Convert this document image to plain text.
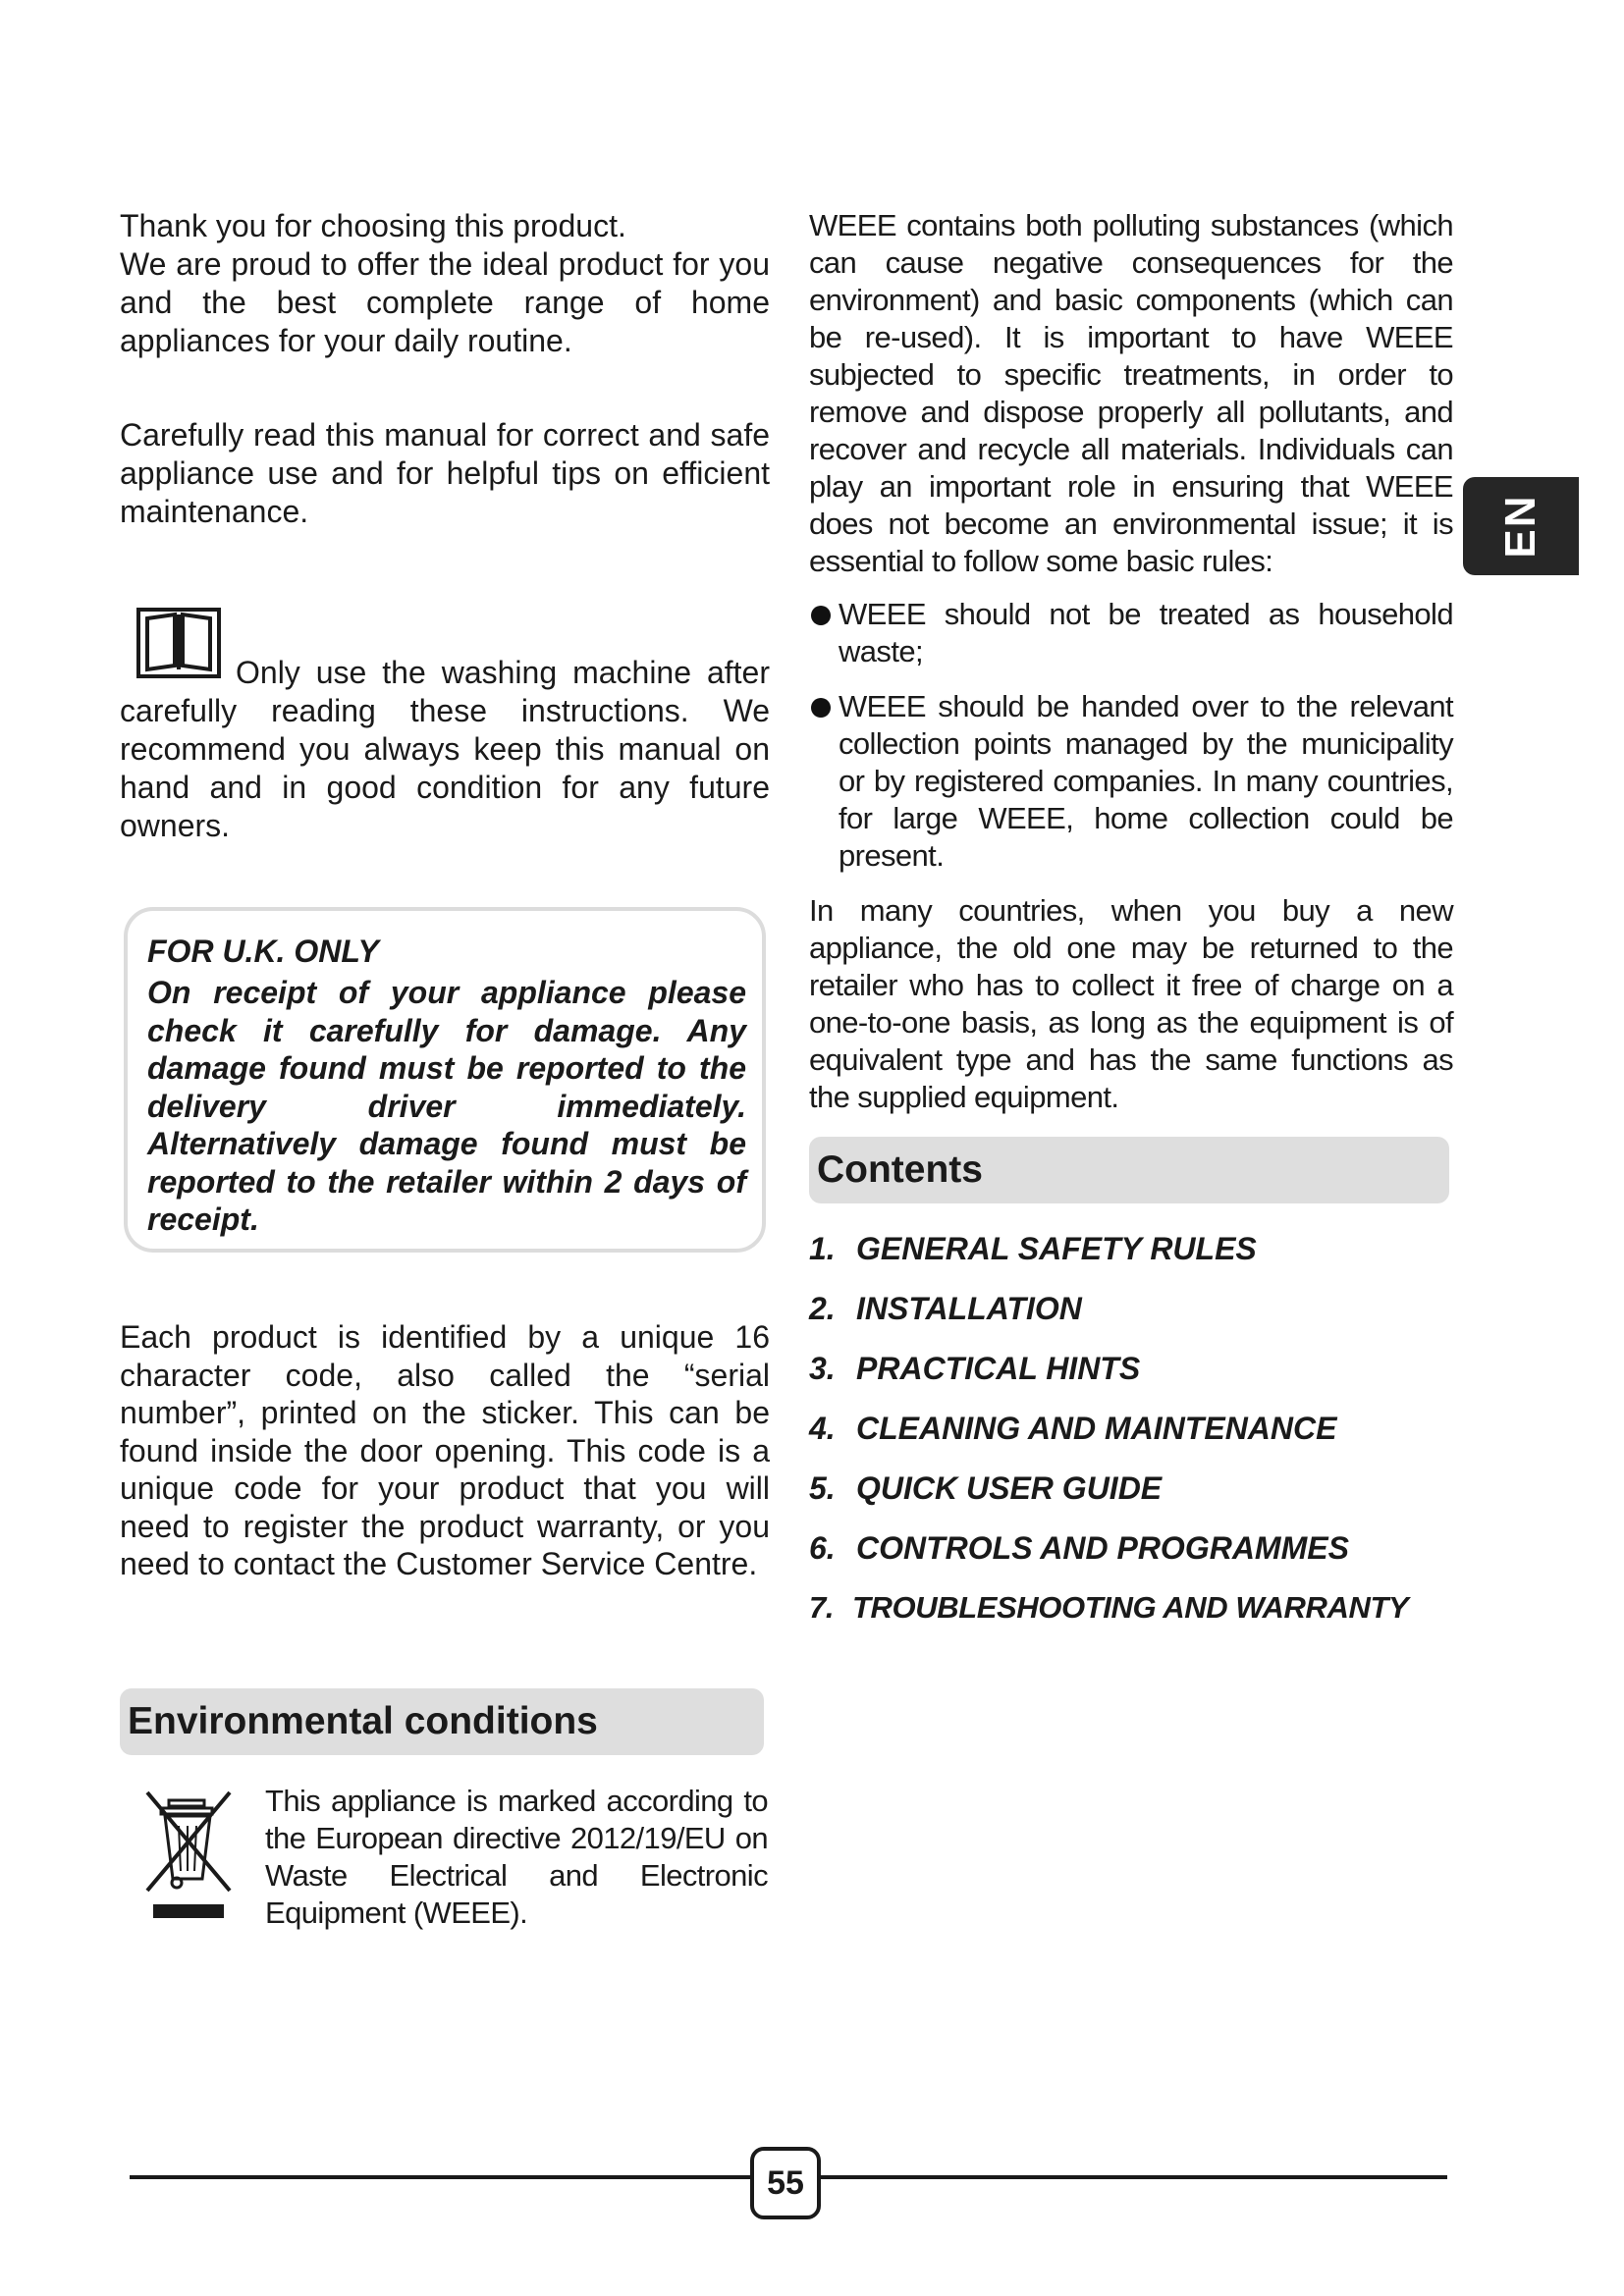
Thank you for choosing this product.

We are proud to offer the ideal product for you and the best complete range of home appliances for your daily routine.

Carefully read this manual for correct and safe appliance use and for helpful tips on efficient maintenance.

Only use the washing machine after carefully reading these instructions. We recommend you always keep this manual on hand and in good condition for any future owners.

FOR U.K. ONLY

On receipt of your appliance please check it carefully for damage. Any damage found must be reported to the delivery driver immediately. Alternatively damage found must be reported to the retailer within 2 days of receipt.

Each product is identified by a unique 16 character code, also called the “serial number”, printed on the sticker. This can be found inside the door opening. This code is a unique code for your product that you will need to register the product warranty, or you need to contact the Customer Service Centre.

Environmental conditions

This appliance is marked according to the European directive 2012/19/EU on Waste Electrical and Electronic Equipment (WEEE).

WEEE contains both polluting substances (which can cause negative consequences for the environment) and basic components (which can be re-used). It is important to have WEEE subjected to specific treatments, in order to remove and dispose properly all pollutants, and recover and recycle all materials. Individuals can play an important role in ensuring that WEEE does not become an environmental issue; it is essential to follow some basic rules:

WEEE should not be treated as household waste;
WEEE should be handed over to the relevant collection points managed by the municipality or by registered companies. In many countries, for large WEEE, home collection could be present.

In many countries, when you buy a new appliance, the old one may be returned to the retailer who has to collect it free of charge on a one-to-one basis, as long as the equipment is of equivalent type and has the same functions as the supplied equipment.

Contents
1. GENERAL SAFETY RULES
2. INSTALLATION
3. PRACTICAL HINTS
4. CLEANING AND MAINTENANCE
5. QUICK USER GUIDE
6. CONTROLS AND PROGRAMMES
7. TROUBLESHOOTING AND WARRANTY
EN
55
